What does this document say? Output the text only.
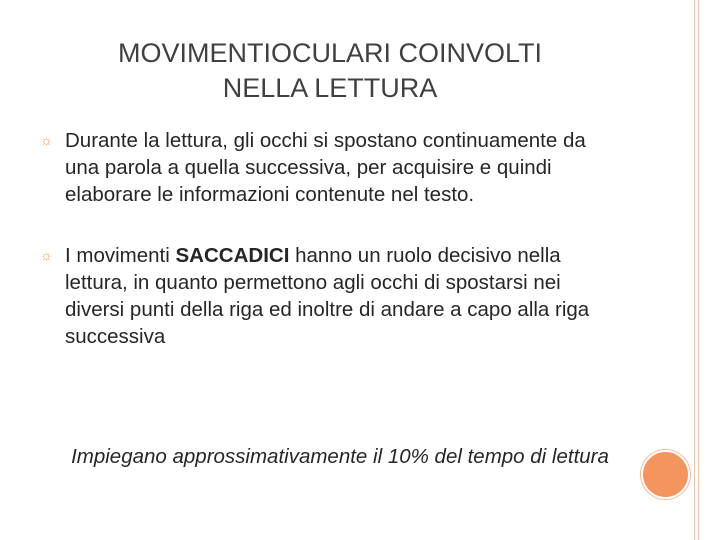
MOVIMENTIOCULARI COINVOLTI
NELLA LETTURA
☼ Durante la lettura, gli occhi si spostano continuamente da una parola a quella successiva, per acquisire e quindi elaborare le informazioni contenute nel testo.
☼ I movimenti SACCADICI hanno un ruolo decisivo nella lettura, in quanto permettono agli occhi di spostarsi nei diversi punti della riga ed inoltre di andare a capo alla riga successiva
Impiegano approssimativamente il 10% del tempo di lettura
